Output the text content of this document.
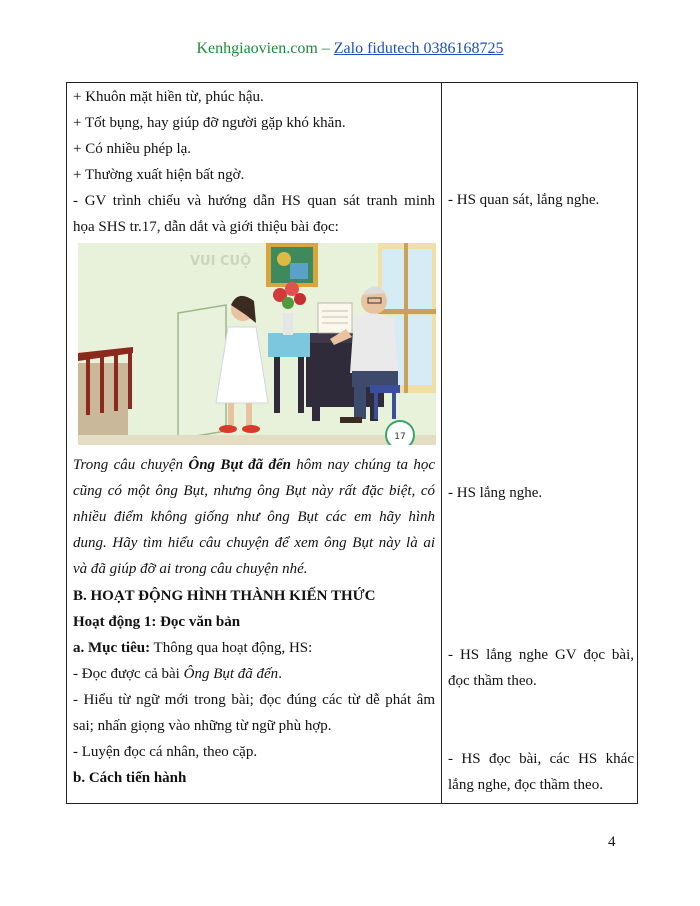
Kenhgiaovien.com – Zalo fidutech 0386168725
+ Khuôn mặt hiền từ, phúc hậu.
+ Tốt bụng, hay giúp đỡ người gặp khó khăn.
+ Có nhiều phép lạ.
+ Thường xuất hiện bất ngờ.
- GV trình chiếu và hướng dẫn HS quan sát tranh minh
họa SHS tr.17, dẫn dắt và giới thiệu bài đọc:
VUI CUỘ
17
Trong câu chuyện Ông Bụt đã đến hôm nay chúng ta học
cũng có một ông Bụt, nhưng ông Bụt này rất đặc biệt, có
nhiều điểm không giống như ông Bụt các em hãy hình
dung. Hãy tìm hiểu câu chuyện để xem ông Bụt này là ai
và đã giúp đỡ ai trong câu chuyện nhé.
B. HOẠT ĐỘNG HÌNH THÀNH KIẾN THỨC
Hoạt động 1: Đọc văn bản
a. Mục tiêu: Thông qua hoạt động, HS:
- Đọc được cả bài Ông Bụt đã đến.
- Hiểu từ ngữ mới trong bài; đọc đúng các từ dễ phát âm
sai; nhấn giọng vào những từ ngữ phù hợp.
- Luyện đọc cá nhân, theo cặp.
b. Cách tiến hành
- HS quan sát, lắng nghe.
- HS lắng nghe.
- HS lắng nghe GV đọc bài,
đọc thầm theo.
- HS đọc bài, các HS khác
lắng nghe, đọc thầm theo.
4
